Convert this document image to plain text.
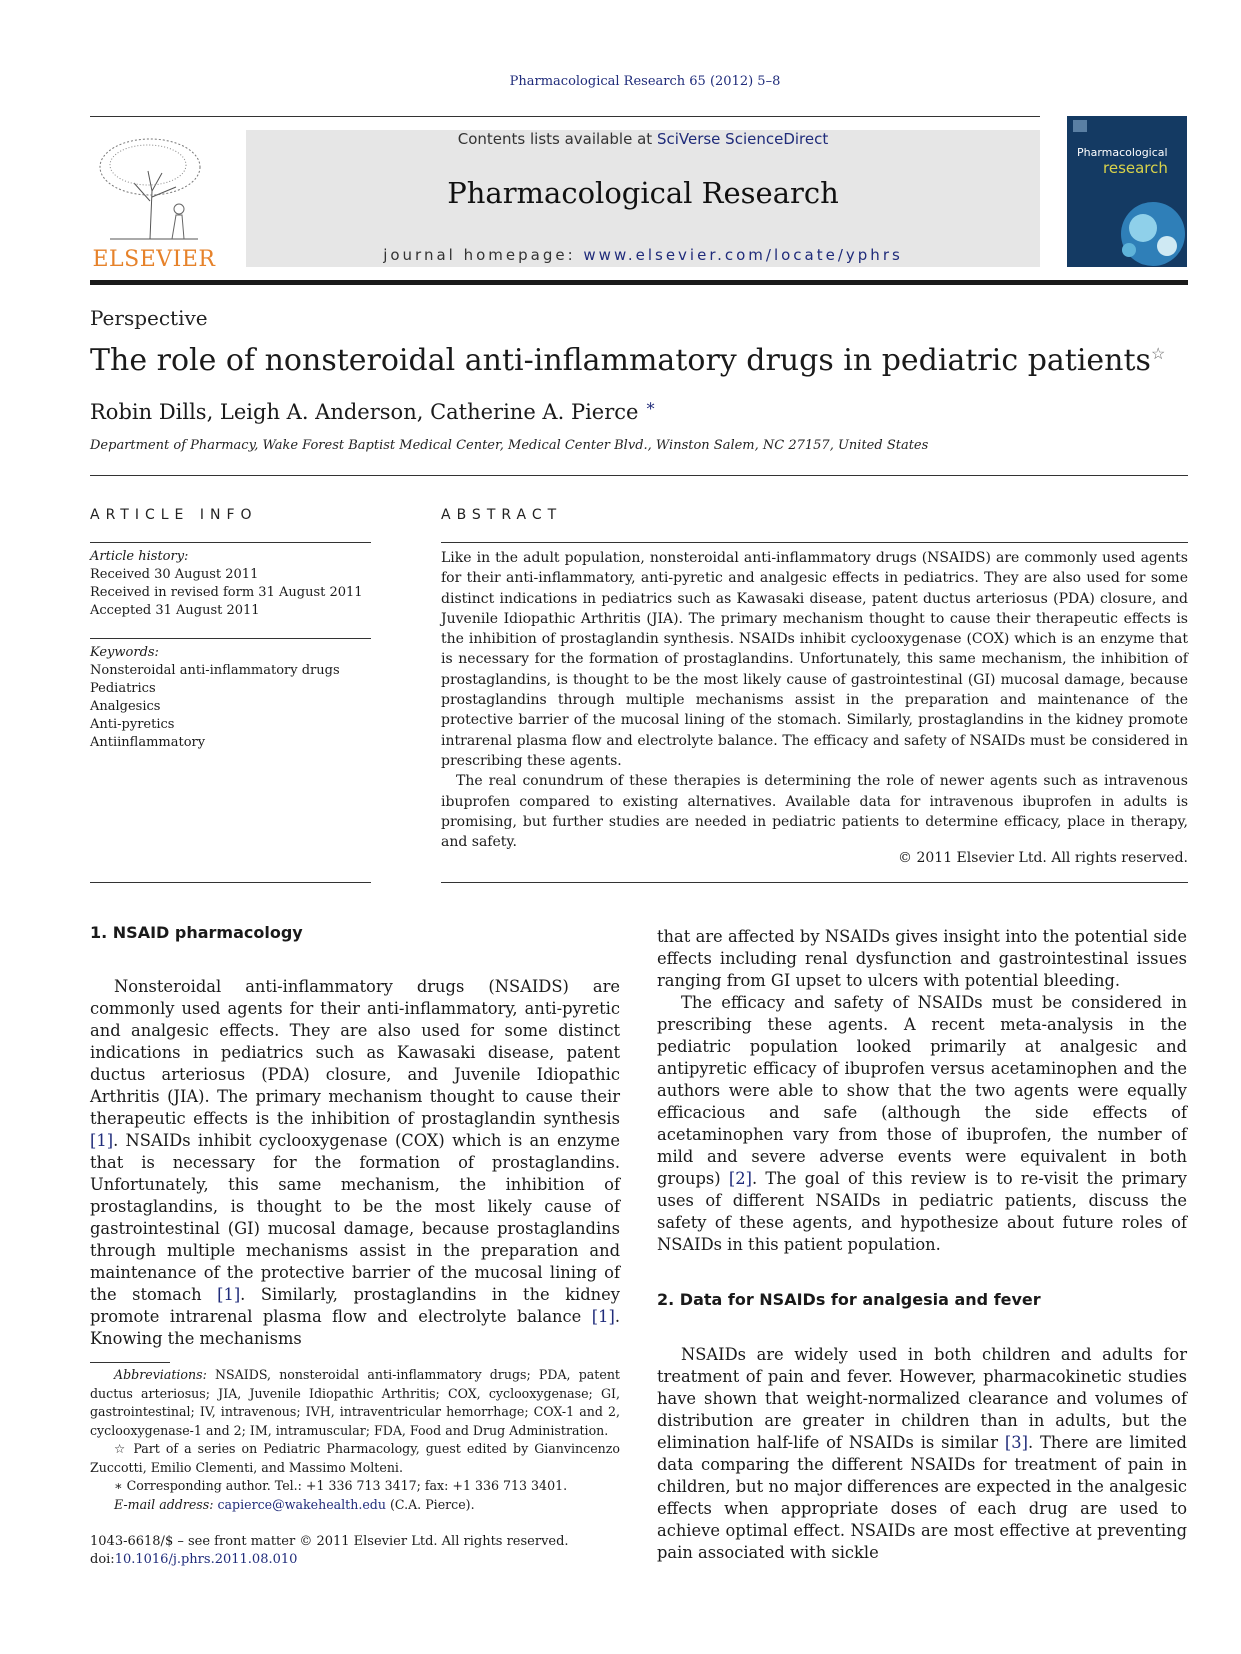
Pharmacological Research 65 (2012) 5–8
ELSEVIER
Contents lists available at SciVerse ScienceDirect
Pharmacological Research
journal homepage: www.elsevier.com/locate/yphrs
Pharmacological
research
Perspective
The role of nonsteroidal anti-inflammatory drugs in pediatric patients☆
Robin Dills, Leigh A. Anderson, Catherine A. Pierce ∗
Department of Pharmacy, Wake Forest Baptist Medical Center, Medical Center Blvd., Winston Salem, NC 27157, United States
ARTICLE INFO	ABSTRACT
Article history:
Received 30 August 2011
Received in revised form 31 August 2011
Accepted 31 August 2011
Keywords:
Nonsteroidal anti-inflammatory drugs
Pediatrics
Analgesics
Anti-pyretics
Antiinflammatory

Like in the adult population, nonsteroidal anti-inflammatory drugs (NSAIDS) are commonly used agents for their anti-inflammatory, anti-pyretic and analgesic effects in pediatrics. They are also used for some distinct indications in pediatrics such as Kawasaki disease, patent ductus arteriosus (PDA) closure, and Juvenile Idiopathic Arthritis (JIA). The primary mechanism thought to cause their therapeutic effects is the inhibition of prostaglandin synthesis. NSAIDs inhibit cyclooxygenase (COX) which is an enzyme that is necessary for the formation of prostaglandins. Unfortunately, this same mechanism, the inhibition of prostaglandins, is thought to be the most likely cause of gastrointestinal (GI) mucosal damage, because prostaglandins through multiple mechanisms assist in the preparation and maintenance of the protective barrier of the mucosal lining of the stomach. Similarly, prostaglandins in the kidney promote intrarenal plasma flow and electrolyte balance. The efficacy and safety of NSAIDs must be considered in prescribing these agents.

The real conundrum of these therapies is determining the role of newer agents such as intravenous ibuprofen compared to existing alternatives. Available data for intravenous ibuprofen in adults is promising, but further studies are needed in pediatric patients to determine efficacy, place in therapy, and safety.

© 2011 Elsevier Ltd. All rights reserved.
1. NSAID pharmacology

Nonsteroidal anti-inflammatory drugs (NSAIDS) are commonly used agents for their anti-inflammatory, anti-pyretic and analgesic effects. They are also used for some distinct indications in pediatrics such as Kawasaki disease, patent ductus arteriosus (PDA) closure, and Juvenile Idiopathic Arthritis (JIA). The primary mechanism thought to cause their therapeutic effects is the inhibition of prostaglandin synthesis [1]. NSAIDs inhibit cyclooxygenase (COX) which is an enzyme that is necessary for the formation of prostaglandins. Unfortunately, this same mechanism, the inhibition of prostaglandins, is thought to be the most likely cause of gastrointestinal (GI) mucosal damage, because prostaglandins through multiple mechanisms assist in the preparation and maintenance of the protective barrier of the mucosal lining of the stomach [1]. Similarly, prostaglandins in the kidney promote intrarenal plasma flow and electrolyte balance [1]. Knowing the mechanisms

that are affected by NSAIDs gives insight into the potential side effects including renal dysfunction and gastrointestinal issues ranging from GI upset to ulcers with potential bleeding.

The efficacy and safety of NSAIDs must be considered in prescribing these agents. A recent meta-analysis in the pediatric population looked primarily at analgesic and antipyretic efficacy of ibuprofen versus acetaminophen and the authors were able to show that the two agents were equally efficacious and safe (although the side effects of acetaminophen vary from those of ibuprofen, the number of mild and severe adverse events were equivalent in both groups) [2]. The goal of this review is to re-visit the primary uses of different NSAIDs in pediatric patients, discuss the safety of these agents, and hypothesize about future roles of NSAIDs in this patient population.

2. Data for NSAIDs for analgesia and fever

NSAIDs are widely used in both children and adults for treatment of pain and fever. However, pharmacokinetic studies have shown that weight-normalized clearance and volumes of distribution are greater in children than in adults, but the elimination half-life of NSAIDs is similar [3]. There are limited data comparing the different NSAIDs for treatment of pain in children, but no major differences are expected in the analgesic effects when appropriate doses of each drug are used to achieve optimal effect. NSAIDs are most effective at preventing pain associated with sickle

Abbreviations: NSAIDS, nonsteroidal anti-inflammatory drugs; PDA, patent ductus arteriosus; JIA, Juvenile Idiopathic Arthritis; COX, cyclooxygenase; GI, gastrointestinal; IV, intravenous; IVH, intraventricular hemorrhage; COX-1 and 2, cyclooxygenase-1 and 2; IM, intramuscular; FDA, Food and Drug Administration.

☆ Part of a series on Pediatric Pharmacology, guest edited by Gianvincenzo Zuccotti, Emilio Clementi, and Massimo Molteni.

∗ Corresponding author. Tel.: +1 336 713 3417; fax: +1 336 713 3401.

E-mail address: capierce@wakehealth.edu (C.A. Pierce).

1043-6618/$ – see front matter © 2011 Elsevier Ltd. All rights reserved.
doi:10.1016/j.phrs.2011.08.010
